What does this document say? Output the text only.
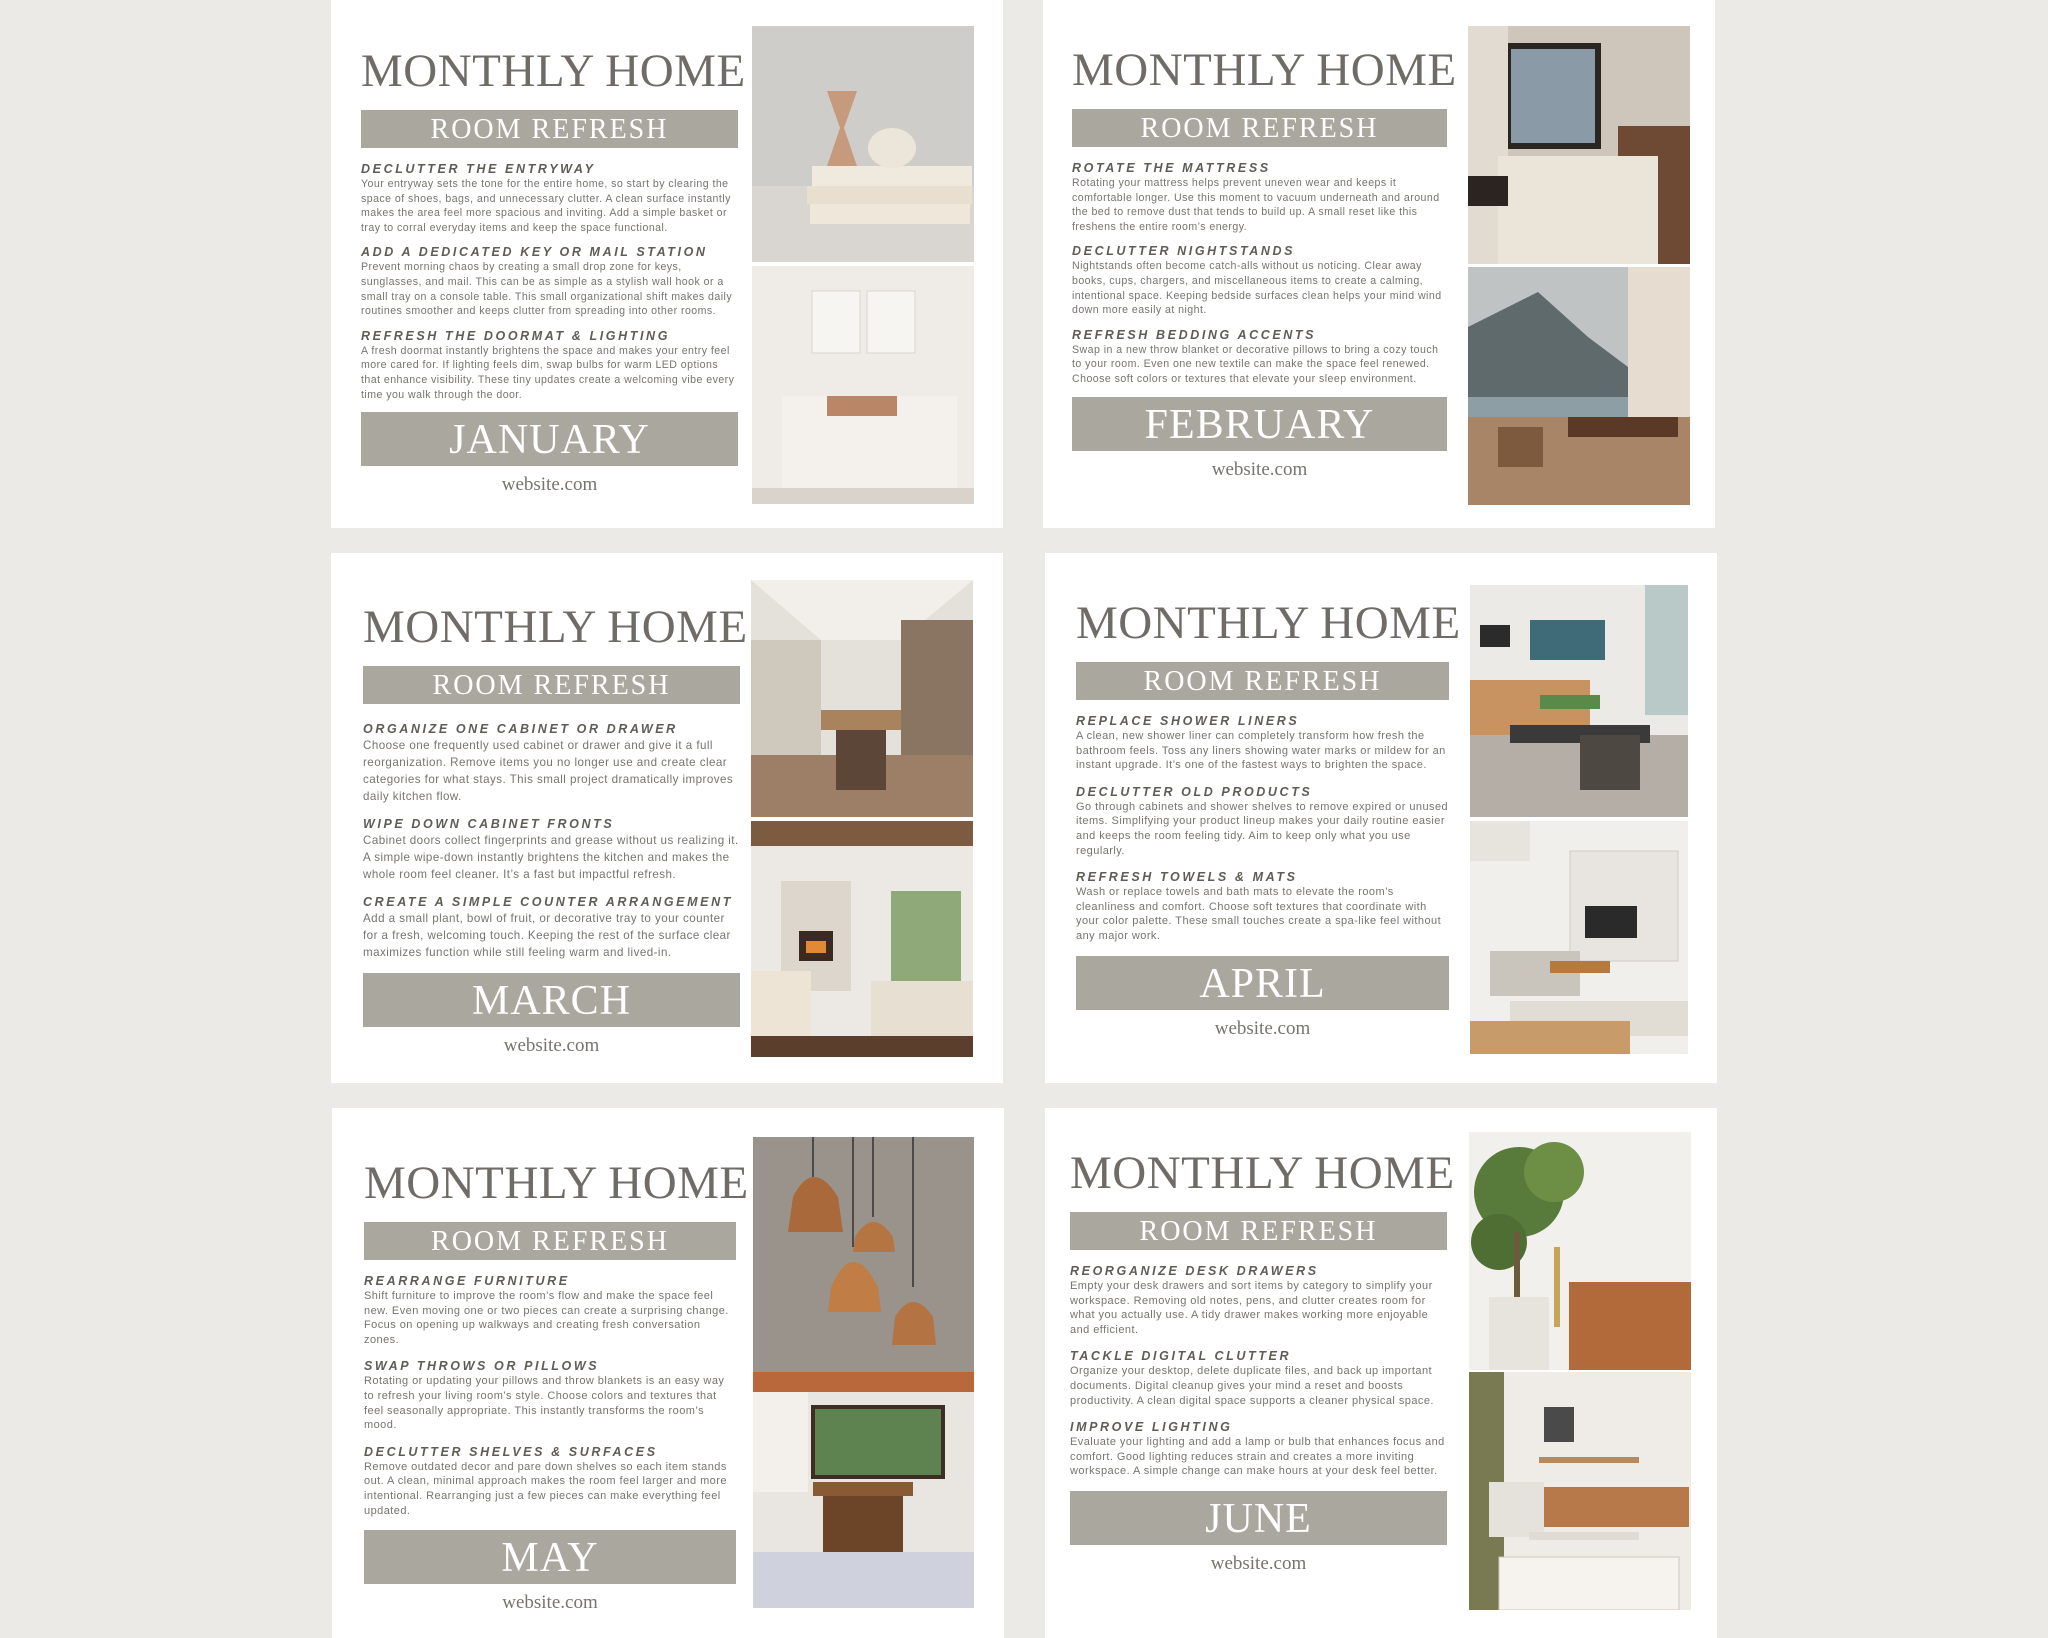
MONTHLY HOME
ROOM REFRESH
DECLUTTER THE ENTRYWAY
Your entryway sets the tone for the entire home, so start by clearing the space of shoes, bags, and unnecessary clutter. A clean surface instantly makes the area feel more spacious and inviting. Add a simple basket or tray to corral everyday items and keep the space functional.
ADD A DEDICATED KEY OR MAIL STATION
Prevent morning chaos by creating a small drop zone for keys, sunglasses, and mail. This can be as simple as a stylish wall hook or a small tray on a console table. This small organizational shift makes daily routines smoother and keeps clutter from spreading into other rooms.
REFRESH THE DOORMAT & LIGHTING
A fresh doormat instantly brightens the space and makes your entry feel more cared for. If lighting feels dim, swap bulbs for warm LED options that enhance visibility. These tiny updates create a welcoming vibe every time you walk through the door.
JANUARY
website.com
MONTHLY HOME
ROOM REFRESH
ROTATE THE MATTRESS
Rotating your mattress helps prevent uneven wear and keeps it comfortable longer. Use this moment to vacuum underneath and around the bed to remove dust that tends to build up. A small reset like this freshens the entire room’s energy.
DECLUTTER NIGHTSTANDS
Nightstands often become catch-alls without us noticing. Clear away books, cups, chargers, and miscellaneous items to create a calming, intentional space. Keeping bedside surfaces clean helps your mind wind down more easily at night.
REFRESH BEDDING ACCENTS
Swap in a new throw blanket or decorative pillows to bring a cozy touch to your room. Even one new textile can make the space feel renewed. Choose soft colors or textures that elevate your sleep environment.
FEBRUARY
website.com
MONTHLY HOME
ROOM REFRESH
ORGANIZE ONE CABINET OR DRAWER
Choose one frequently used cabinet or drawer and give it a full reorganization. Remove items you no longer use and create clear categories for what stays. This small project dramatically improves daily kitchen flow.
WIPE DOWN CABINET FRONTS
Cabinet doors collect fingerprints and grease without us realizing it. A simple wipe-down instantly brightens the kitchen and makes the whole room feel cleaner. It’s a fast but impactful refresh.
CREATE A SIMPLE COUNTER ARRANGEMENT
Add a small plant, bowl of fruit, or decorative tray to your counter for a fresh, welcoming touch. Keeping the rest of the surface clear maximizes function while still feeling warm and lived-in.
MARCH
website.com
MONTHLY HOME
ROOM REFRESH
REPLACE SHOWER LINERS
A clean, new shower liner can completely transform how fresh the bathroom feels. Toss any liners showing water marks or mildew for an instant upgrade. It’s one of the fastest ways to brighten the space.
DECLUTTER OLD PRODUCTS
Go through cabinets and shower shelves to remove expired or unused items. Simplifying your product lineup makes your daily routine easier and keeps the room feeling tidy. Aim to keep only what you use regularly.
REFRESH TOWELS & MATS
Wash or replace towels and bath mats to elevate the room’s cleanliness and comfort. Choose soft textures that coordinate with your color palette. These small touches create a spa-like feel without any major work.
APRIL
website.com
MONTHLY HOME
ROOM REFRESH
REARRANGE FURNITURE
Shift furniture to improve the room’s flow and make the space feel new. Even moving one or two pieces can create a surprising change. Focus on opening up walkways and creating fresh conversation zones.
SWAP THROWS OR PILLOWS
Rotating or updating your pillows and throw blankets is an easy way to refresh your living room’s style. Choose colors and textures that feel seasonally appropriate. This instantly transforms the room’s mood.
DECLUTTER SHELVES & SURFACES
Remove outdated decor and pare down shelves so each item stands out. A clean, minimal approach makes the room feel larger and more intentional. Rearranging just a few pieces can make everything feel updated.
MAY
website.com
MONTHLY HOME
ROOM REFRESH
REORGANIZE DESK DRAWERS
Empty your desk drawers and sort items by category to simplify your workspace. Removing old notes, pens, and clutter creates room for what you actually use. A tidy drawer makes working more enjoyable and efficient.
TACKLE DIGITAL CLUTTER
Organize your desktop, delete duplicate files, and back up important documents. Digital cleanup gives your mind a reset and boosts productivity. A clean digital space supports a cleaner physical space.
IMPROVE LIGHTING
Evaluate your lighting and add a lamp or bulb that enhances focus and comfort. Good lighting reduces strain and creates a more inviting workspace. A simple change can make hours at your desk feel better.
JUNE
website.com
